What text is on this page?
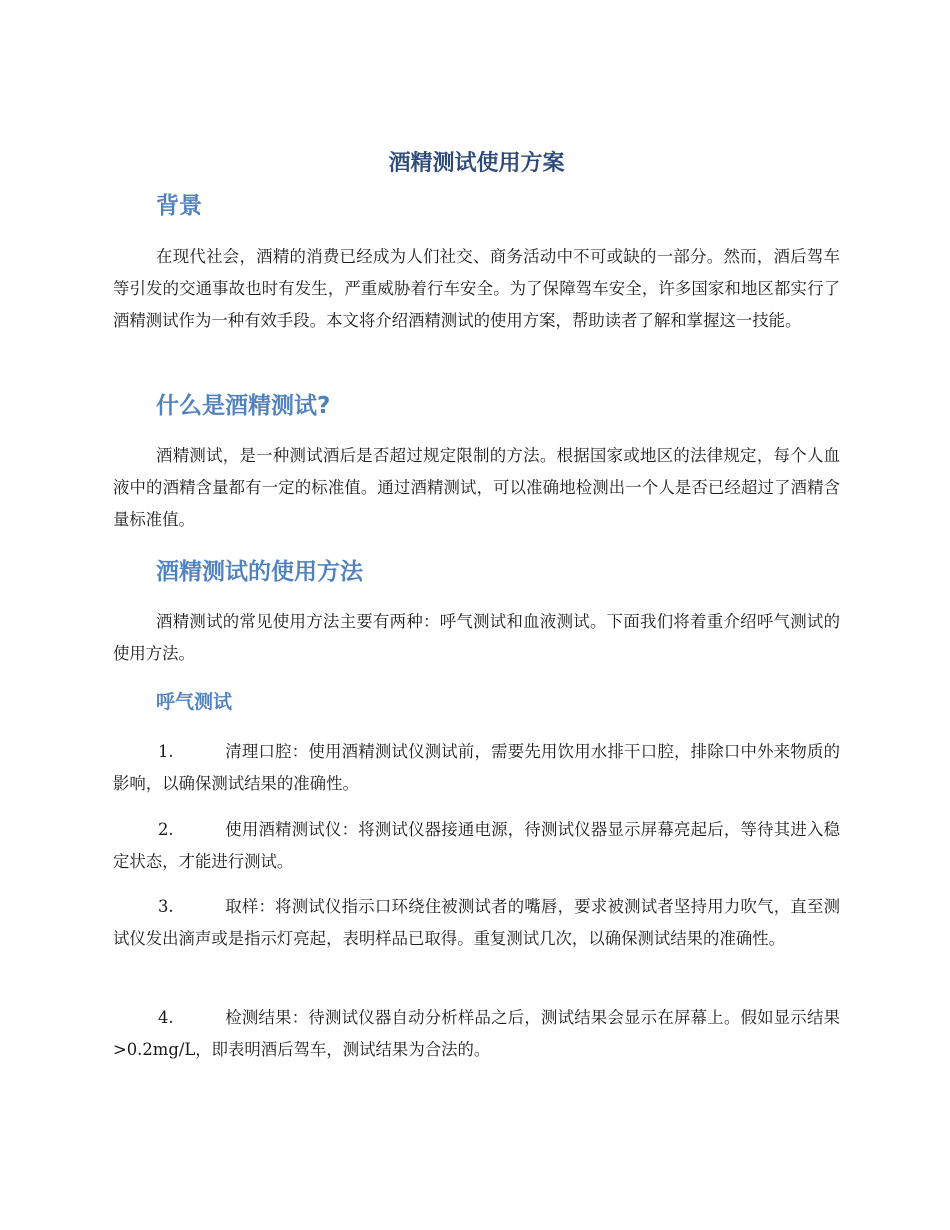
酒精测试使用方案
背景

在现代社会，酒精的消费已经成为人们社交、商务活动中不可或缺的一部分。然而，酒后驾车等引发的交通事故也时有发生，严重威胁着行车安全。为了保障驾车安全，许多国家和地区都实行了酒精测试作为一种有效手段。本文将介绍酒精测试的使用方案，帮助读者了解和掌握这一技能。

什么是酒精测试?

酒精测试，是一种测试酒后是否超过规定限制的方法。根据国家或地区的法律规定，每个人血液中的酒精含量都有一定的标准值。通过酒精测试，可以准确地检测出一个人是否已经超过了酒精含量标准值。

酒精测试的使用方法

酒精测试的常见使用方法主要有两种：呼气测试和血液测试。下面我们将着重介绍呼气测试的使用方法。

呼气测试

1.	清理口腔：使用酒精测试仪测试前，需要先用饮用水排干口腔，排除口中外来物质的影响，以确保测试结果的准确性。

2.	使用酒精测试仪：将测试仪器接通电源，待测试仪器显示屏幕亮起后，等待其进入稳定状态，才能进行测试。

3.	取样：将测试仪指示口环绕住被测试者的嘴唇，要求被测试者坚持用力吹气，直至测试仪发出滴声或是指示灯亮起，表明样品已取得。重复测试几次，以确保测试结果的准确性。

4.	检测结果：待测试仪器自动分析样品之后，测试结果会显示在屏幕上。假如显示结果>0.2mg/L，即表明酒后驾车，测试结果为合法的。
